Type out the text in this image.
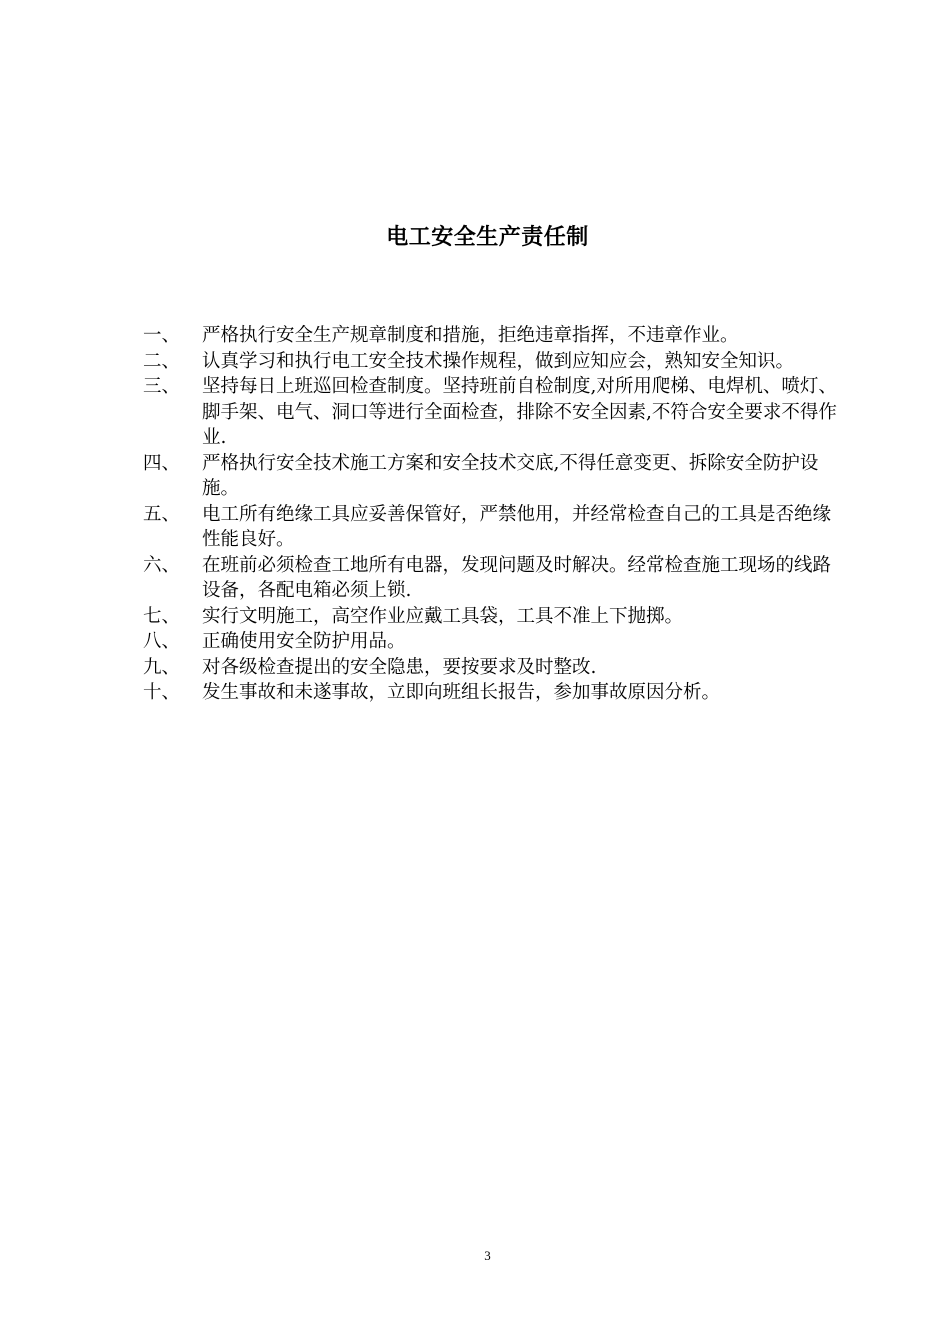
电工安全生产责任制
一、	严格执行安全生产规章制度和措施，拒绝违章指挥，不违章作业。
二、	认真学习和执行电工安全技术操作规程，做到应知应会，熟知安全知识。
三、	坚持每日上班巡回检查制度。坚持班前自检制度,对所用爬梯、电焊机、喷灯、脚手架、电气、洞口等进行全面检查，排除不安全因素,不符合安全要求不得作业.
四、	严格执行安全技术施工方案和安全技术交底,不得任意变更、拆除安全防护设施。
五、	电工所有绝缘工具应妥善保管好，严禁他用，并经常检查自己的工具是否绝缘性能良好。
六、	在班前必须检查工地所有电器，发现问题及时解决。经常检查施工现场的线路设备，各配电箱必须上锁.
七、	实行文明施工，高空作业应戴工具袋，工具不准上下抛掷。
八、	正确使用安全防护用品。
九、	对各级检查提出的安全隐患，要按要求及时整改.
十、	发生事故和未遂事故，立即向班组长报告，参加事故原因分析。
3
